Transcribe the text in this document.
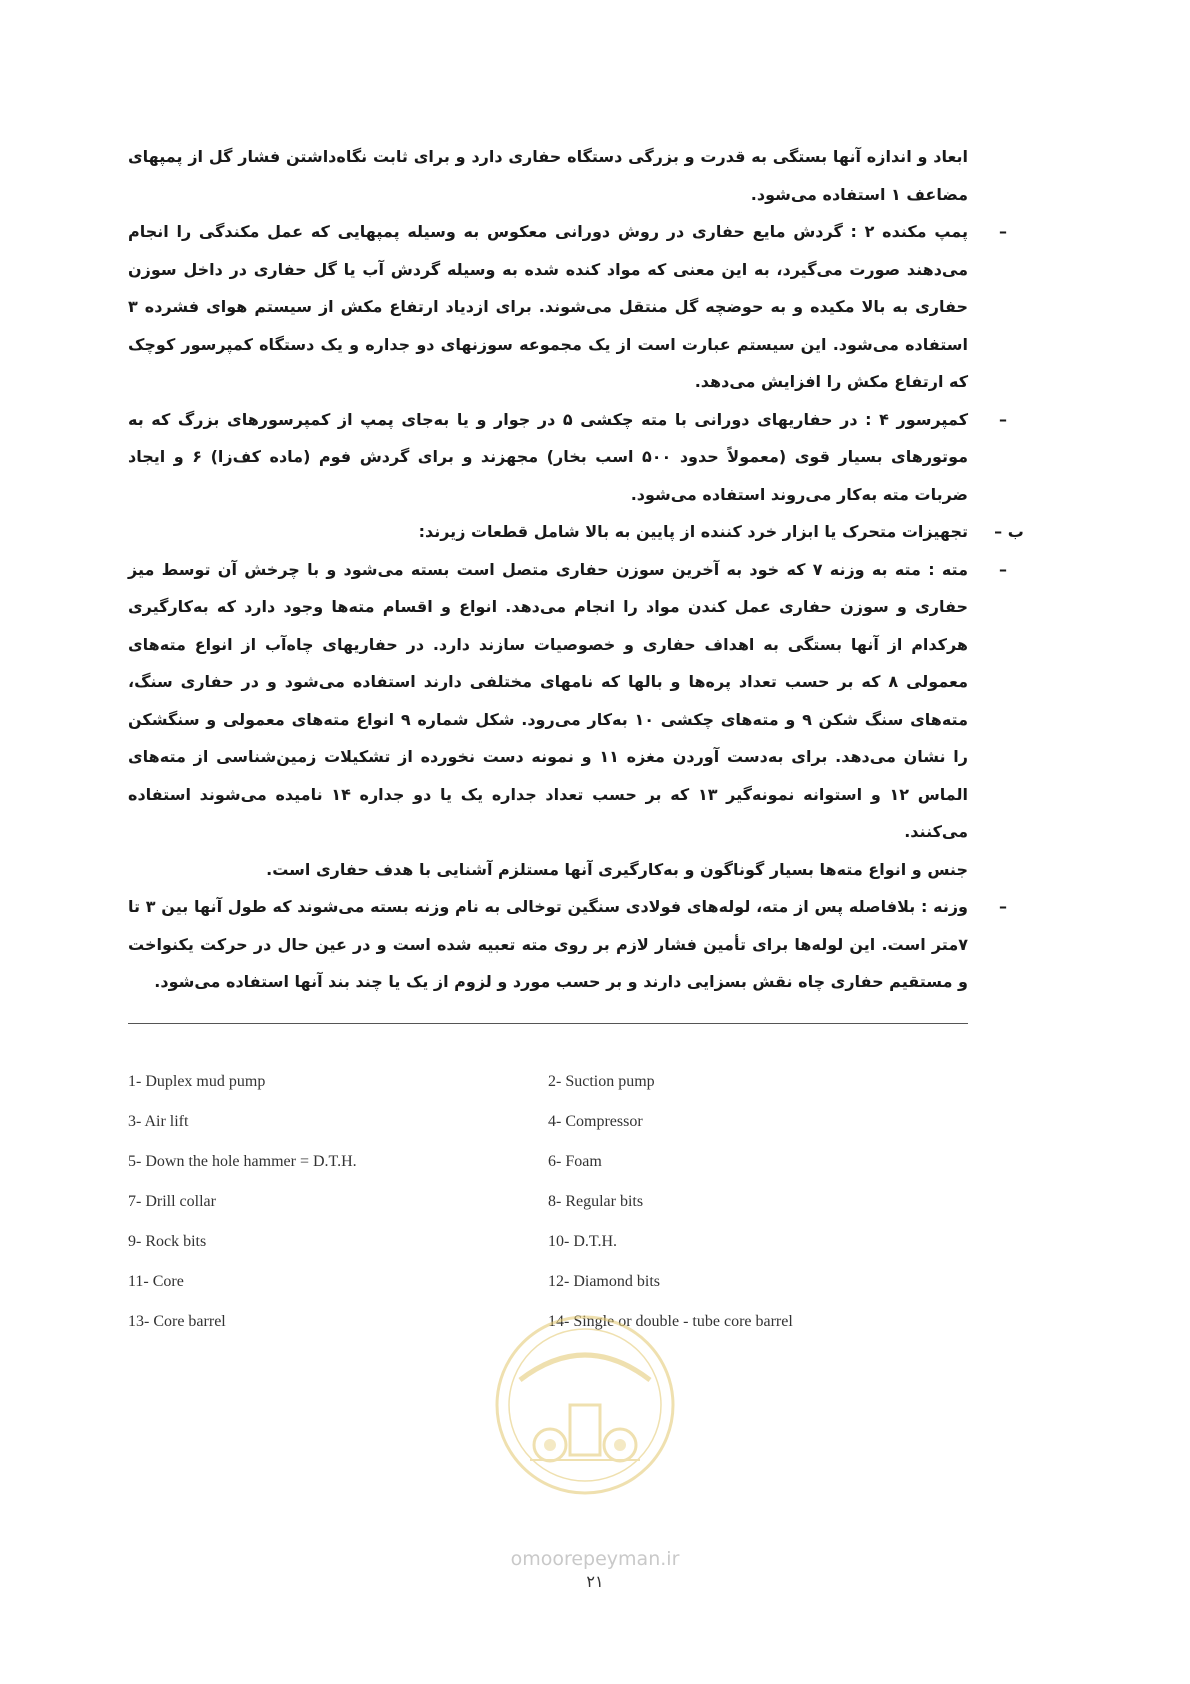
ابعاد و اندازه آنها بستگی به قدرت و بزرگی دستگاه حفاری دارد و برای ثابت نگاه‌داشتن فشار گل از پمپهای مضاعف ۱ استفاده می‌شود.

–
پمپ مکنده ۲ : گردش مایع حفاری در روش دورانی معکوس به وسیله پمپهایی که عمل مکندگی را انجام می‌دهند صورت می‌گیرد، به این معنی که مواد کنده شده به وسیله گردش آب یا گل حفاری در داخل سوزن حفاری به بالا مکیده و به حوضچه گل منتقل می‌شوند. برای ازدیاد ارتفاع مکش از سیستم هوای فشرده ۳ استفاده می‌شود. این سیستم عبارت است از یک مجموعه سوزنهای دو جداره و یک دستگاه کمپرسور کوچک که ارتفاع مکش را افزایش می‌دهد.

–
کمپرسور ۴ : در حفاریهای دورانی با مته چکشی ۵ در جوار و یا به‌جای پمپ از کمپرسورهای بزرگ که به موتورهای بسیار قوی (معمولاً حدود ۵۰۰ اسب بخار) مجهزند و برای گردش فوم (ماده کف‌زا) ۶ و ایجاد ضربات مته به‌کار می‌روند استفاده می‌شود.

ب –
تجهیزات متحرک یا ابزار خرد کننده از پایین به بالا شامل قطعات زیرند:

–
مته : مته به وزنه ۷ که خود به آخرین سوزن حفاری متصل است بسته می‌شود و با چرخش آن توسط میز حفاری و سوزن حفاری عمل کندن مواد را انجام می‌دهد. انواع و اقسام مته‌ها وجود دارد که به‌کارگیری هرکدام از آنها بستگی به اهداف حفاری و خصوصیات سازند دارد. در حفاریهای چاه‌آب از انواع مته‌های معمولی ۸ که بر حسب تعداد پره‌ها و بالها که نامهای مختلفی دارند استفاده می‌شود و در حفاری سنگ، مته‌های سنگ شکن ۹ و مته‌های چکشی ۱۰ به‌کار می‌رود. شکل شماره ۹ انواع مته‌های معمولی و سنگشکن را نشان می‌دهد. برای به‌دست آوردن مغزه ۱۱ و نمونه دست نخورده از تشکیلات زمین‌شناسی از مته‌های الماس ۱۲ و استوانه نمونه‌گیر ۱۳ که بر حسب تعداد جداره یک یا دو جداره ۱۴ نامیده می‌شوند استفاده می‌کنند.

جنس و انواع مته‌ها بسیار گوناگون و به‌کارگیری آنها مستلزم آشنایی با هدف حفاری است.

–
وزنه : بلافاصله پس از مته، لوله‌های فولادی سنگین توخالی به نام وزنه بسته می‌شوند که طول آنها بین ۳ تا ۷متر است. این لوله‌ها برای تأمین فشار لازم بر روی مته تعبیه شده است و در عین حال در حرکت یکنواخت و مستقیم حفاری چاه نقش بسزایی دارند و بر حسب مورد و لزوم از یک یا چند بند آنها استفاده می‌شود.

1- Duplex mud pump	2- Suction pump
3- Air lift	4- Compressor
5- Down the hole hammer = D.T.H.	6- Foam
7- Drill collar	8- Regular bits
9- Rock bits	10- D.T.H.
11- Core	12- Diamond bits
13- Core barrel	14- Single or double - tube core barrel
omoorepeyman.ir
۲۱
